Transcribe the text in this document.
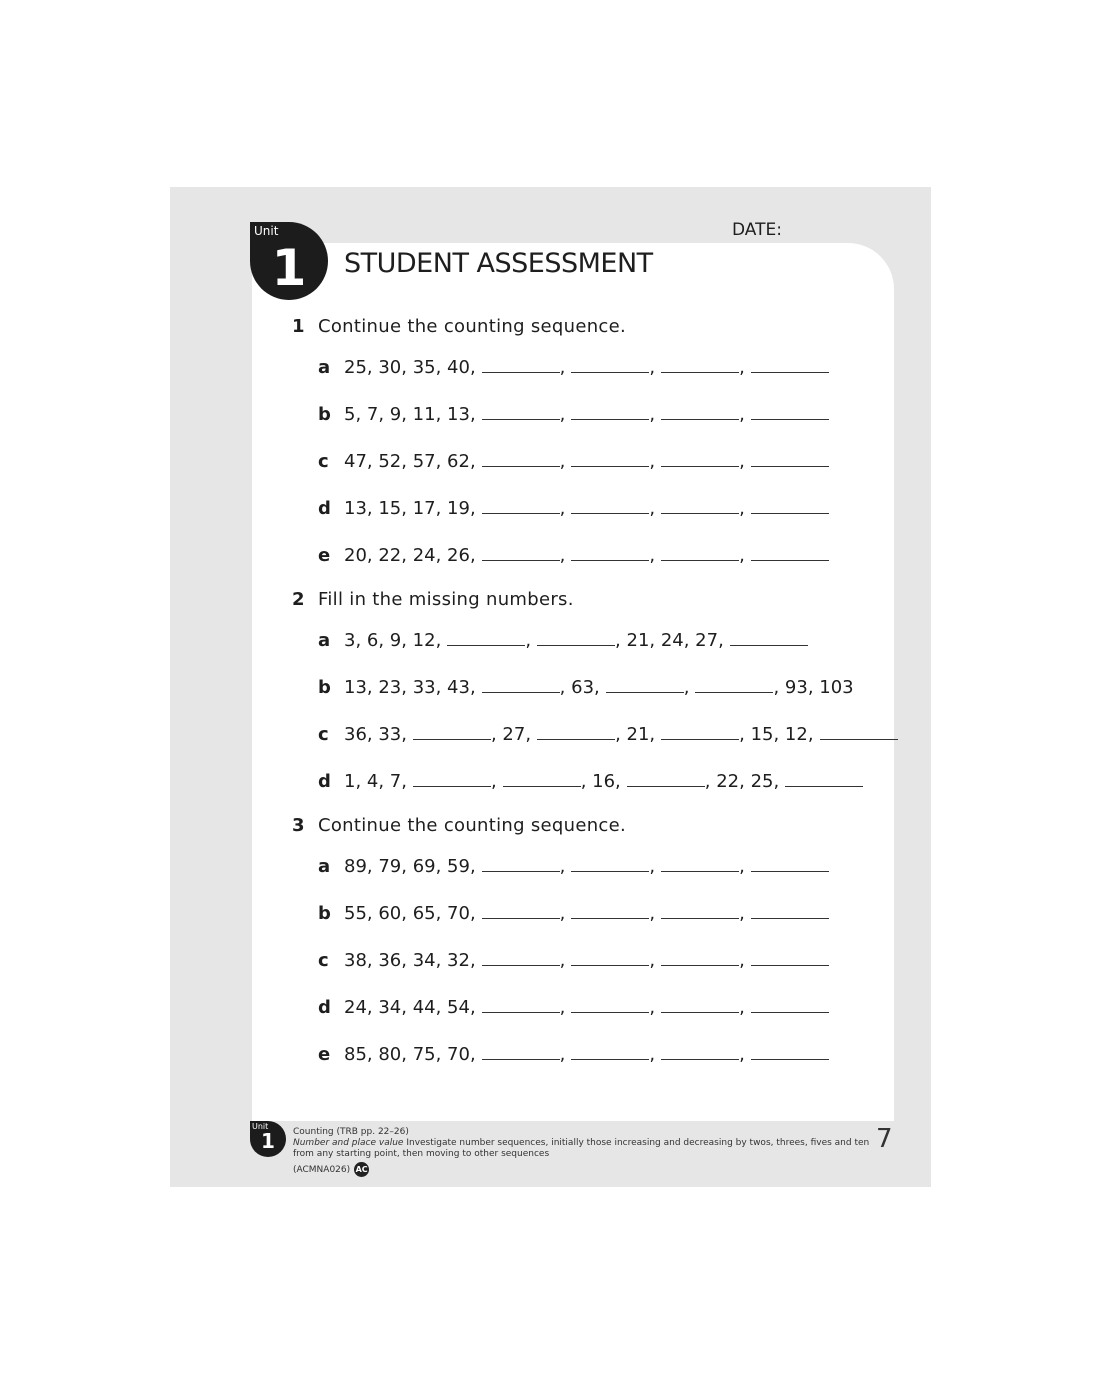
Unit
1	STUDENT ASSESSMENT
DATE:
1 Continue the counting sequence.
a 25, 30, 35, 40,	,	,	,
b 5, 7, 9, 11, 13,	,	,	,
c 47, 52, 57, 62,	,	,	,
d 13, 15, 17, 19,	,	,	,
e 20, 22, 24, 26,	,	,	,
2 Fill in the missing numbers.
a 3, 6, 9, 12,	,	, 21, 24, 27,
b 13, 23, 33, 43,	, 63,	,	, 93, 103
c 36, 33,	, 27,	, 21,	, 15, 12,
d 1, 4, 7,	,	, 16,	, 22, 25,
3 Continue the counting sequence.
a 89, 79, 69, 59,	,	,	,
b 55, 60, 65, 70,	,	,	,
c 38, 36, 34, 32,	,	,	,
d 24, 34, 44, 54,	,	,	,
e 85, 80, 75, 70,	,	,	,
Unit
1	Counting (TRB pp. 22–26)
Number and place value Investigate number sequences, initially those increasing and decreasing by twos, threes, fives and ten
from any starting point, then moving to other sequences
(ACMNA026) AC
7
